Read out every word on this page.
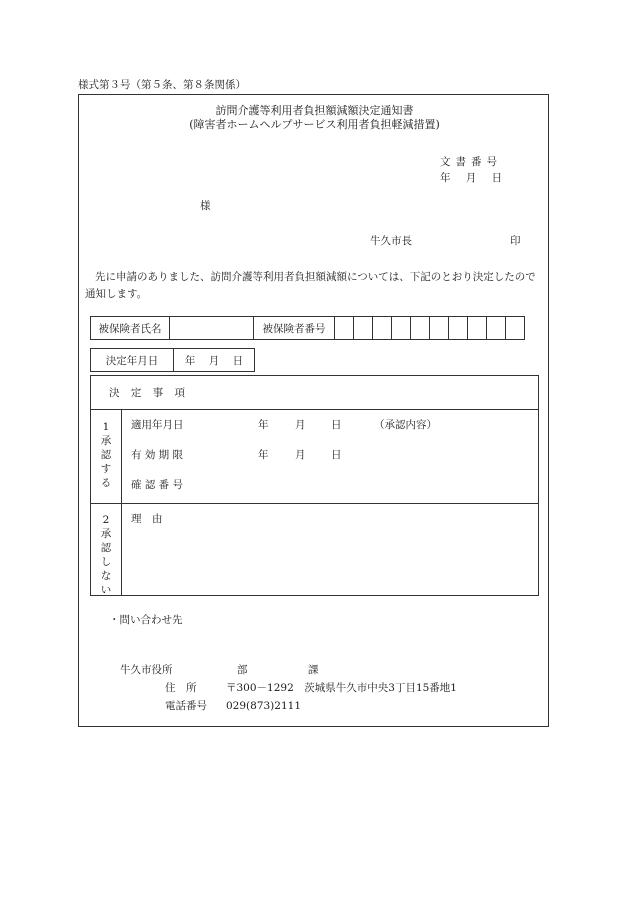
様式第３号（第５条、第８条関係）
訪問介護等利用者負担額減額決定通知書
(障害者ホームヘルプサービス利用者負担軽減措置)
文書番号
年 月 日
様
牛久市長	印
先に申請のありました、訪問介護等利用者負担額減額については、下記のとおり決定したので通知します。
被保険者氏名		被保険者番号										
決定年月日	年 月 日
決 定 事 項
1承認する
適用年月日	年	月 日	（承認内容）
有 効 期 限	年	月 日
確 認 番 号
2承認しない
理　由
・問い合わせ先
牛久市役所	部	課
住　所	〒300－1292　茨城県牛久市中央3丁目15番地1
電話番号 029(873)2111
